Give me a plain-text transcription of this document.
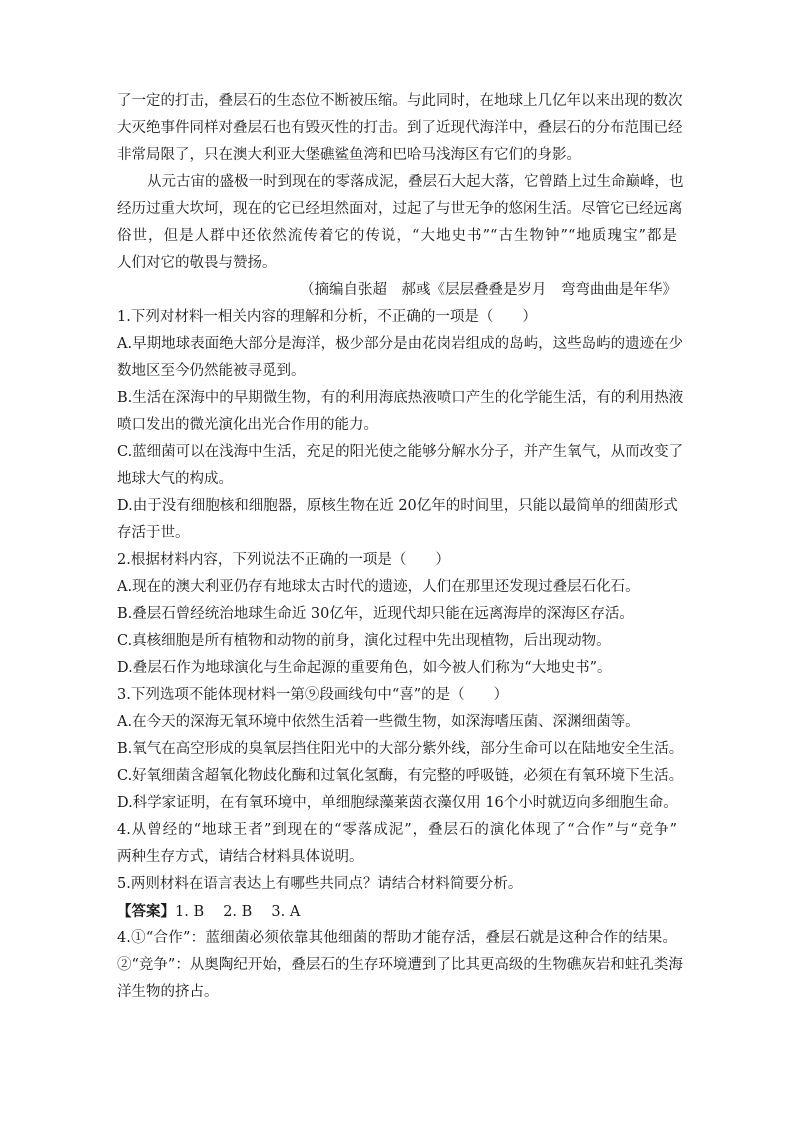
了一定的打击，叠层石的生态位不断被压缩。与此同时，在地球上几亿年以来出现的数次
大灭绝事件同样对叠层石也有毁灭性的打击。到了近现代海洋中，叠层石的分布范围已经
非常局限了，只在澳大利亚大堡礁鲨鱼湾和巴哈马浅海区有它们的身影。
从元古宙的盛极一时到现在的零落成泥，叠层石大起大落，它曾踏上过生命巅峰，也
经历过重大坎坷，现在的它已经坦然面对，过起了与世无争的悠闲生活。尽管它已经远离
俗世，但是人群中还依然流传着它的传说，“大地史书”“古生物钟”“地质瑰宝”都是
人们对它的敬畏与赞扬。
（摘编自张超　郝彧《层层叠叠是岁月　弯弯曲曲是年华》
1.下列对材料一相关内容的理解和分析，不正确的一项是（　　）
A.早期地球表面绝大部分是海洋，极少部分是由花岗岩组成的岛屿，这些岛屿的遗迹在少
数地区至今仍然能被寻觅到。
B.生活在深海中的早期微生物，有的利用海底热液喷口产生的化学能生活，有的利用热液
喷口发出的微光演化出光合作用的能力。
C.蓝细菌可以在浅海中生活，充足的阳光使之能够分解水分子，并产生氧气，从而改变了
地球大气的构成。
D.由于没有细胞核和细胞器，原核生物在近 20亿年的时间里，只能以最简单的细菌形式
存活于世。
2.根据材料内容，下列说法不正确的一项是（　　）
A.现在的澳大利亚仍存有地球太古时代的遗迹，人们在那里还发现过叠层石化石。
B.叠层石曾经统治地球生命近 30亿年，近现代却只能在远离海岸的深海区存活。
C.真核细胞是所有植物和动物的前身，演化过程中先出现植物，后出现动物。
D.叠层石作为地球演化与生命起源的重要角色，如今被人们称为“大地史书”。
3.下列选项不能体现材料一第⑨段画线句中“喜”的是（　　）
A.在今天的深海无氧环境中依然生活着一些微生物，如深海嗜压菌、深渊细菌等。
B.氧气在高空形成的臭氧层挡住阳光中的大部分紫外线，部分生命可以在陆地安全生活。
C.好氧细菌含超氧化物歧化酶和过氧化氢酶，有完整的呼吸链，必须在有氧环境下生活。
D.科学家证明，在有氧环境中，单细胞绿藻莱茵衣藻仅用 16个小时就迈向多细胞生命。
4.从曾经的“地球王者”到现在的“零落成泥”，叠层石的演化体现了“合作”与“竞争”
两种生存方式，请结合材料具体说明。
5.两则材料在语言表达上有哪些共同点？请结合材料简要分析。
【答案】1. B　 2. B　 3. A
4.①“合作”：蓝细菌必须依靠其他细菌的帮助才能存活，叠层石就是这种合作的结果。
②“竞争”：从奥陶纪开始，叠层石的生存环境遭到了比其更高级的生物礁灰岩和蛀孔类海
洋生物的挤占。
